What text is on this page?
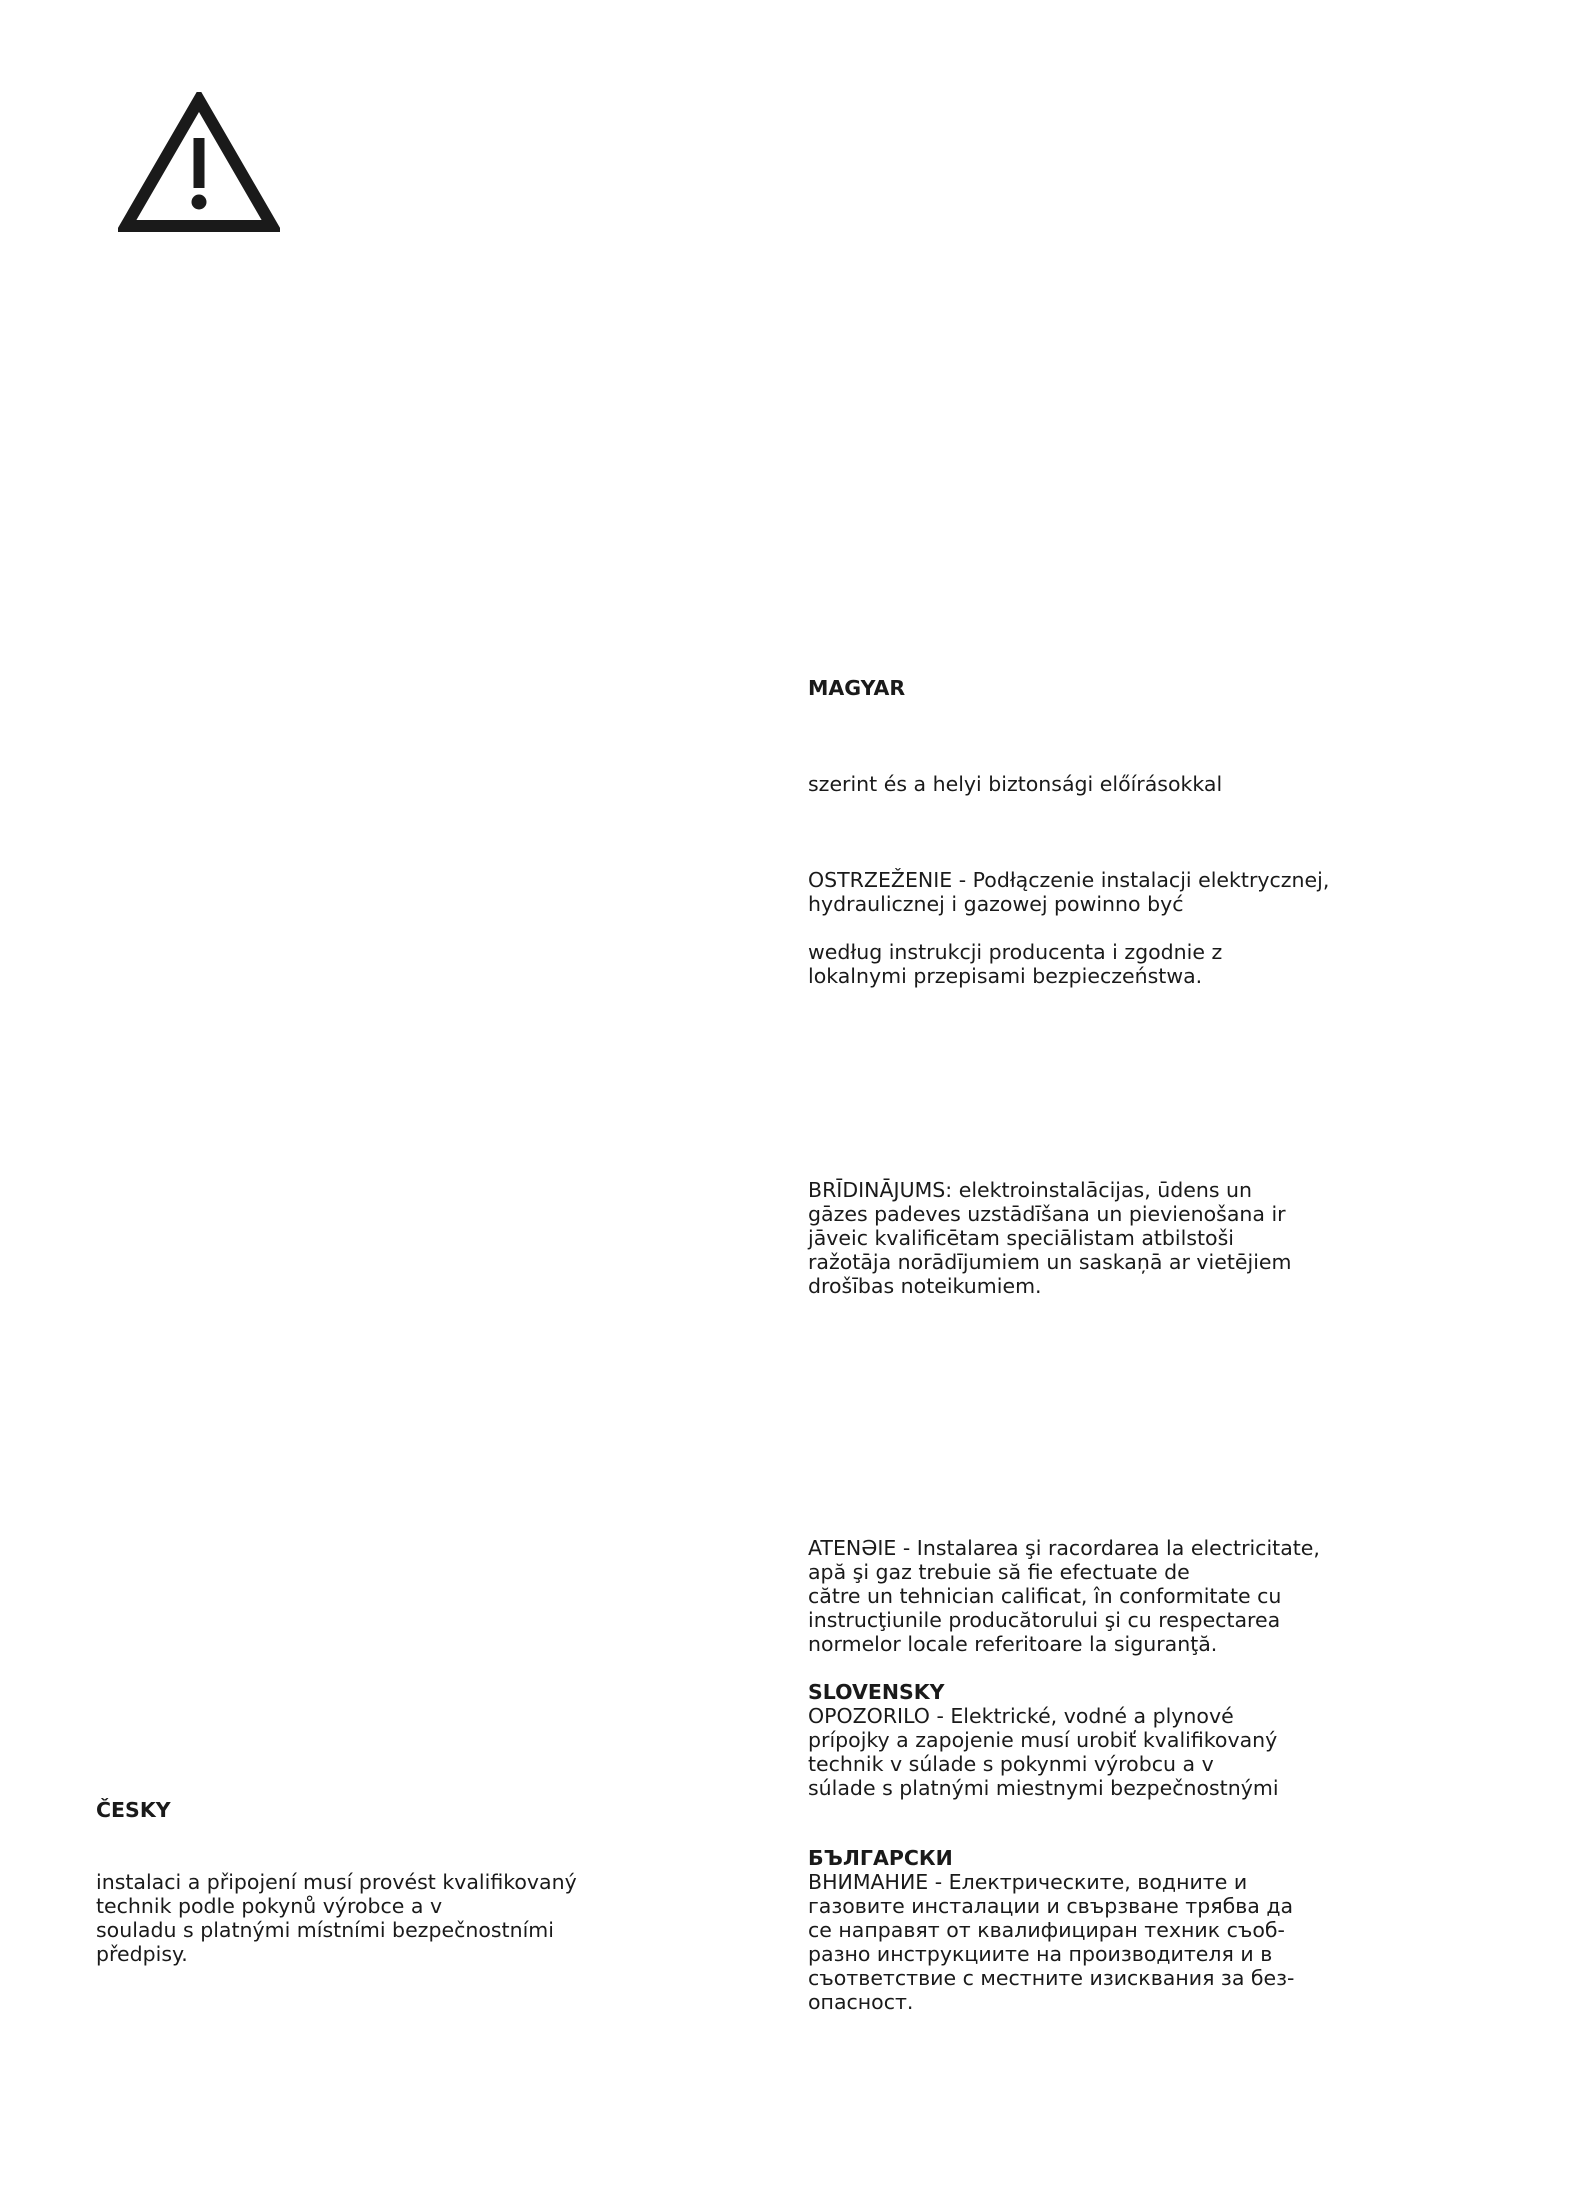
MAGYAR
szerint és a helyi biztonsági előírásokkal
OSTRZEŽENIE - Podłączenie instalacji elektrycznej,
hydraulicznej i gazowej powinno być
według instrukcji producenta i zgodnie z
lokalnymi przepisami bezpieczeństwa.
BRĪDINĀJUMS: elektroinstalācijas, ūdens un
gāzes padeves uzstādīšana un pievienošana ir
jāveic kvalificētam speciālistam atbilstoši
ražotāja norādījumiem un saskaņā ar vietējiem
drošības noteikumiem.
ATENƏIE - Instalarea şi racordarea la electricitate,
apă şi gaz trebuie să fie efectuate de
către un tehnician calificat, în conformitate cu
instrucţiunile producătorului şi cu respectarea
normelor locale referitoare la siguranţă.
SLOVENSKY
OPOZORILO - Elektrické, vodné a plynové
prípojky a zapojenie musí urobiť kvalifikovaný
technik v súlade s pokynmi výrobcu a v
súlade s platnými miestnymi bezpečnostnými
БЪЛГАРСКИ
ВНИМАНИЕ - Електрическите, водните и
газовите инсталации и свързване трябва да
се направят от квалифициран техник съоб-
разно инструкциите на производителя и в
съответствие с местните изисквания за без-
опасност.
ČESKY
instalaci a připojení musí provést kvalifikovaný
technik podle pokynů výrobce a v
souladu s platnými místními bezpečnostními
předpisy.
